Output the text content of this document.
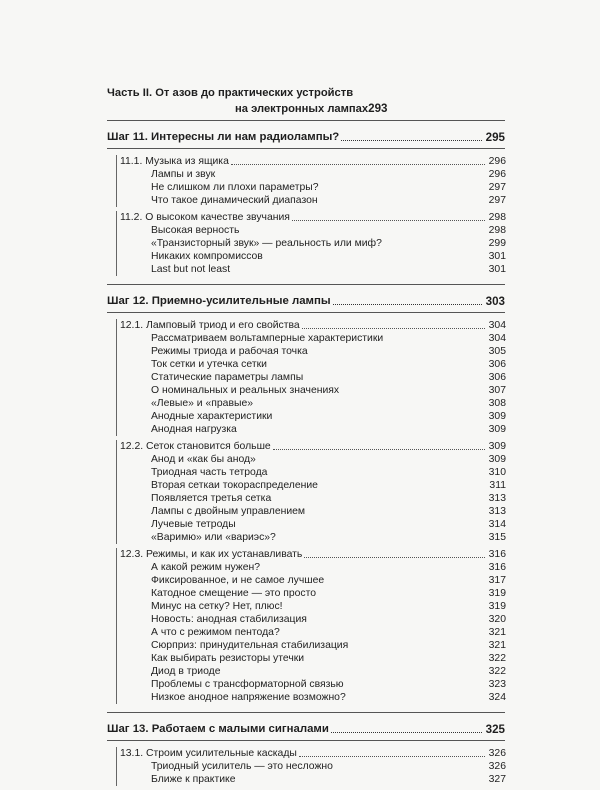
Часть II. От азов до практических устройств
на электронных лампах 293
Шаг 11. Интересны ли нам радиолампы?	295
11.1. Музыка из ящика	296
Лампы и звук	296
Не слишком ли плохи параметры?	297
Что такое динамический диапазон	297
11.2. О высоком качестве звучания	298
Высокая верность	298
«Транзисторный звук» — реальность или миф?	299
Никаких компромиссов	301
Last but not least	301
Шаг 12. Приемно-усилительные лампы	303
12.1. Ламповый триод и его свойства	304
Рассматриваем вольтамперные характеристики	304
Режимы триода и рабочая точка	305
Ток сетки и утечка сетки	306
Статические параметры лампы	306
О номинальных и реальных значениях	307
«Левые» и «правые»	308
Анодные характеристики	309
Анодная нагрузка	309
12.2. Сеток становится больше	309
Анод и «как бы анод»	309
Триодная часть тетрода	310
Вторая сеткаи токораспределение	311
Появляется третья сетка	313
Лампы с двойным управлением	313
Лучевые тетроды	314
«Варимю» или «вариэс»?	315
12.3. Режимы, и как их устанавливать	316
А какой режим нужен?	316
Фиксированное, и не самое лучшее	317
Катодное смещение — это просто	319
Минус на сетку? Нет, плюс!	319
Новость: анодная стабилизация	320
А что с режимом пентода?	321
Сюрприз: принудительная стабилизация	321
Как выбирать резисторы утечки	322
Диод в триоде	322
Проблемы с трансформаторной связью	323
Низкое анодное напряжение возможно?	324
Шаг 13. Работаем с малыми сигналами	325
13.1. Строим усилительные каскады	326
Триодный усилитель — это несложно	326
Ближе к практике	327
